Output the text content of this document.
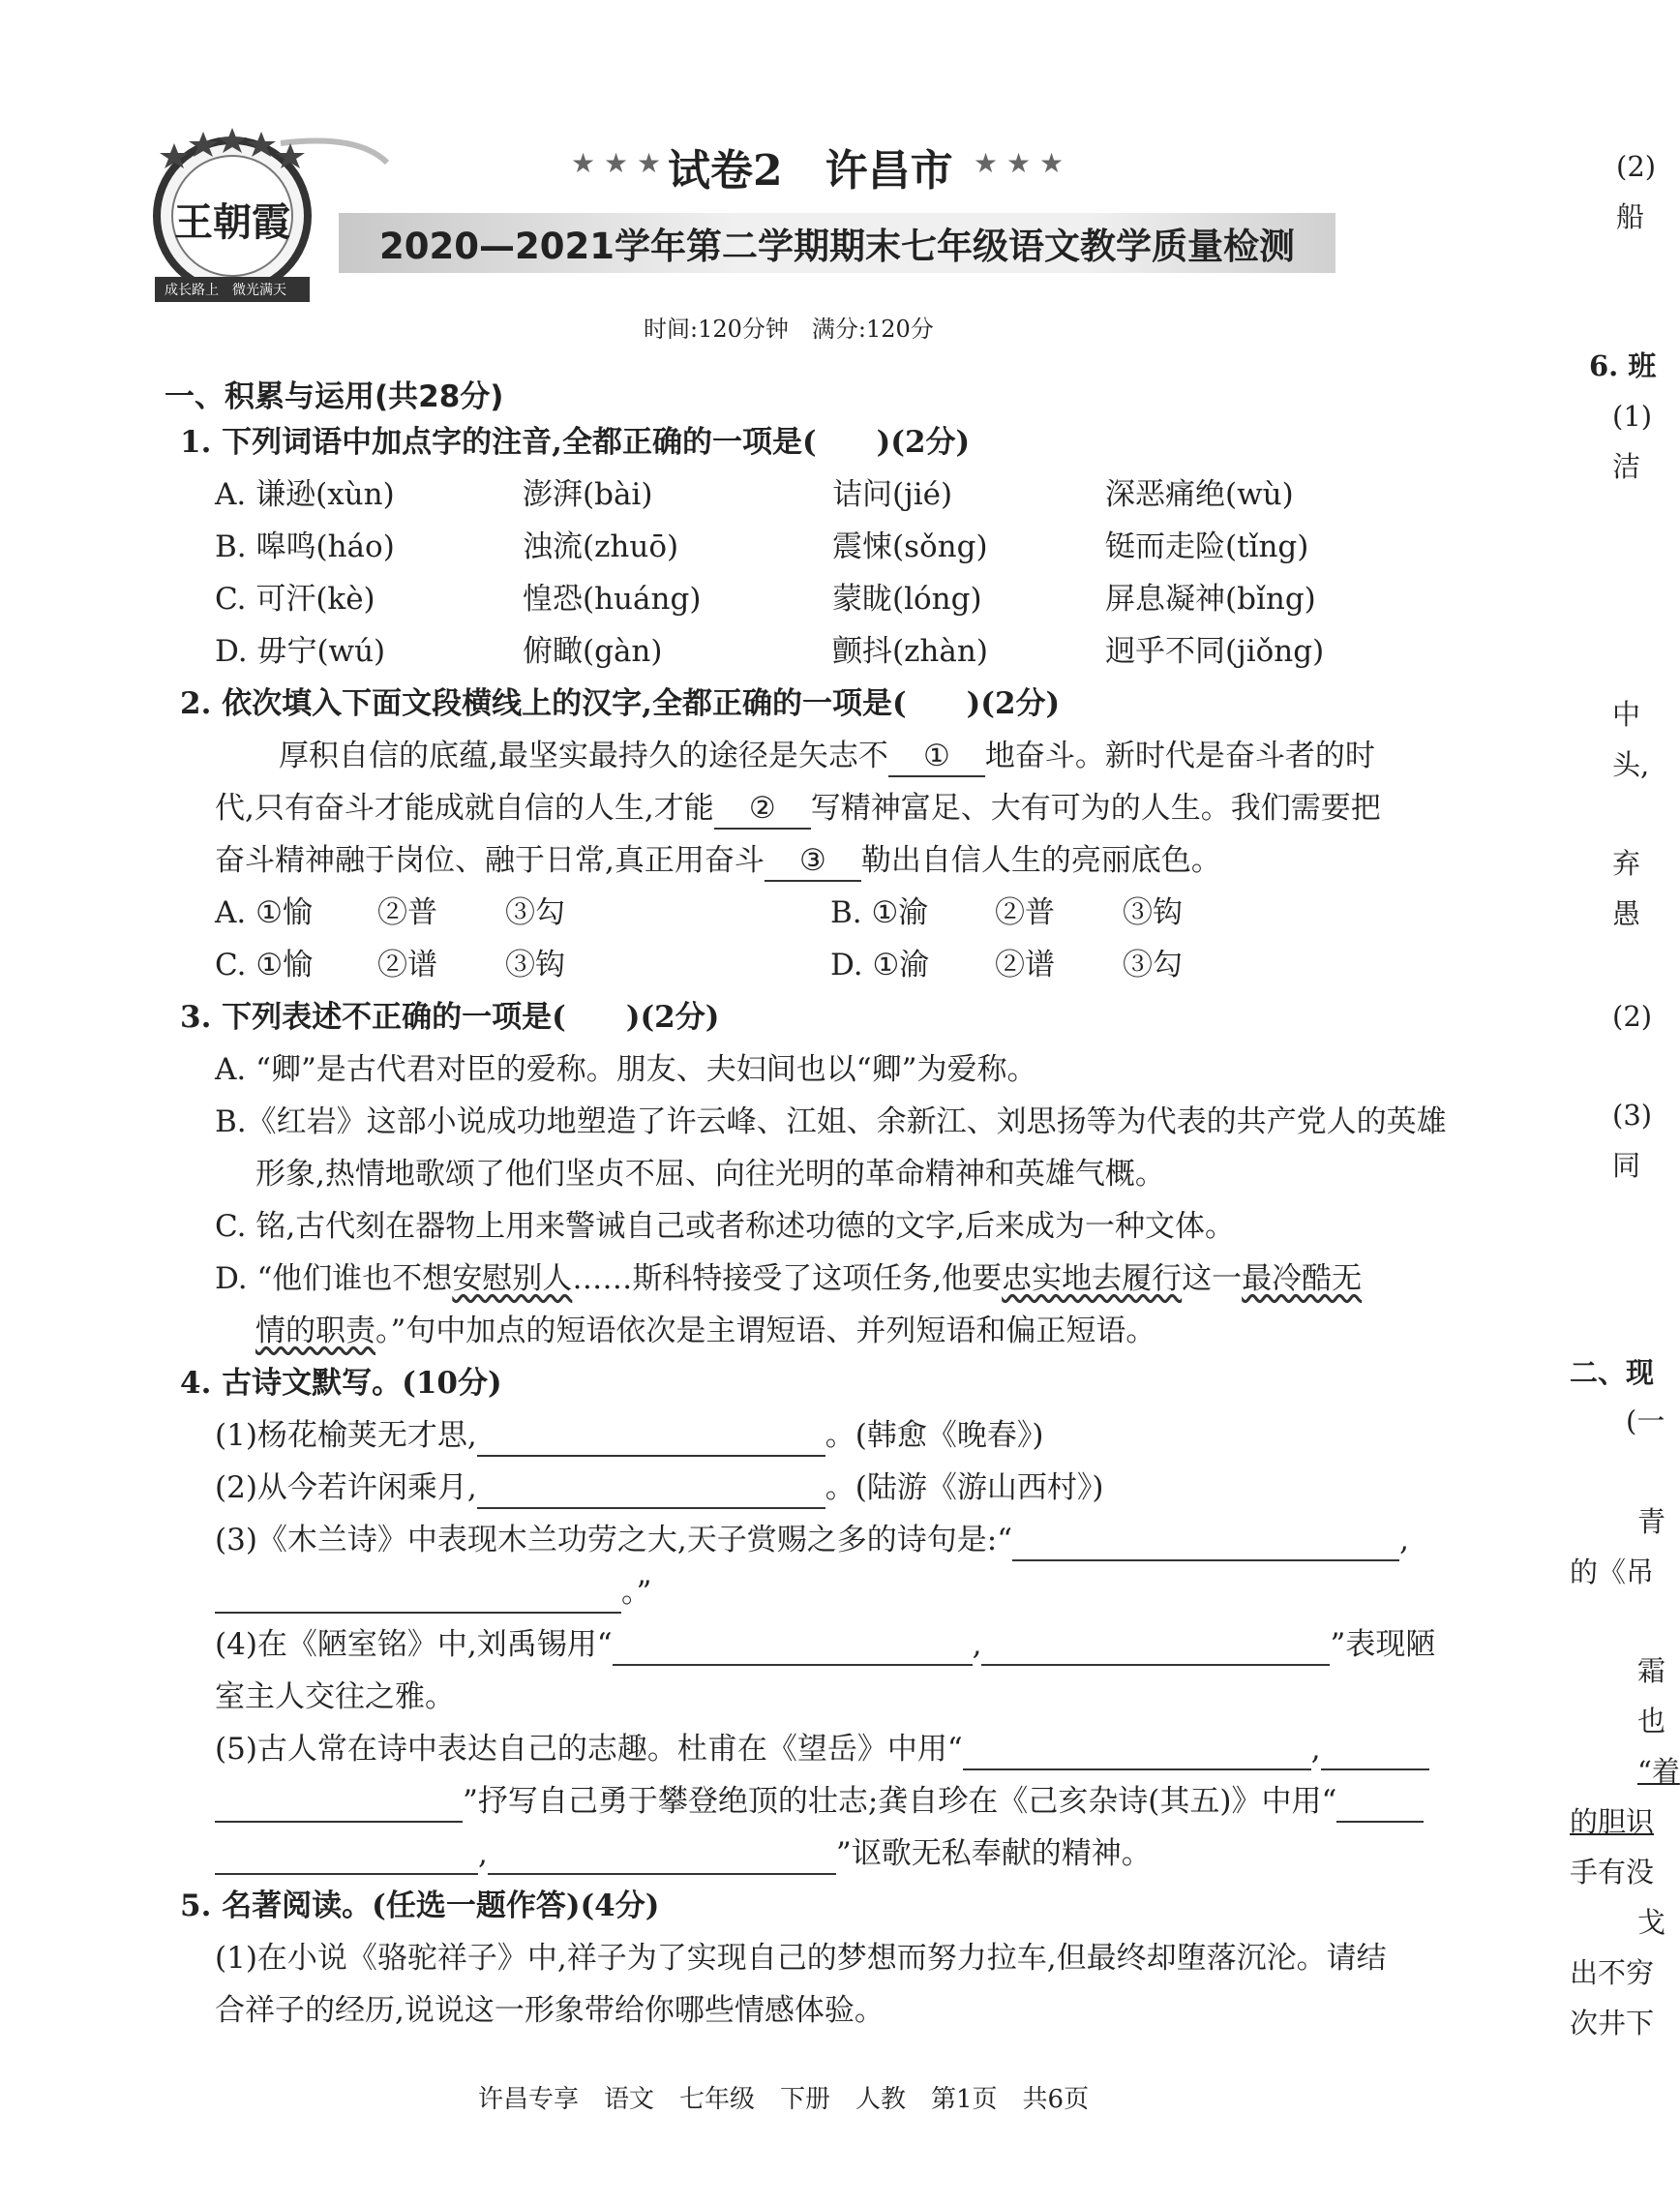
王朝霞
成长路上　微光满天
★ ★ ★ 试卷2　许昌市 ★ ★ ★
2020—2021学年第二学期期末七年级语文教学质量检测
时间:120分钟　满分:120分
一、积累与运用(共28分)
1. 下列词语中加点字的注音,全都正确的一项是(　　)(2分)
A. 谦逊(xùn)	澎湃(bài)	诘问(jié)	深恶痛绝(wù)
B. 嗥鸣(háo)	浊流(zhuō)	震悚(sǒng)	铤而走险(tǐng)
C. 可汗(kè)	惶恐(huáng)	蒙眬(lóng)	屏息凝神(bǐng)
D. 毋宁(wú)	俯瞰(gàn)	颤抖(zhàn)	迥乎不同(jiǒng)
2. 依次填入下面文段横线上的汉字,全都正确的一项是(　　)(2分)
厚积自信的底蕴,最坚实最持久的途径是矢志不 ① 地奋斗。新时代是奋斗者的时
代,只有奋斗才能成就自信的人生,才能 ② 写精神富足、大有可为的人生。我们需要把
奋斗精神融于岗位、融于日常,真正用奋斗 ③ 勒出自信人生的亮丽底色。
A. ①愉 ②普 ③勾	B. ①渝 ②普 ③钩
C. ①愉 ②谱 ③钩	D. ①渝 ②谱 ③勾
3. 下列表述不正确的一项是(　　)(2分)
A. “卿”是古代君对臣的爱称。朋友、夫妇间也以“卿”为爱称。
B.《红岩》这部小说成功地塑造了许云峰、江姐、余新江、刘思扬等为代表的共产党人的英雄
形象,热情地歌颂了他们坚贞不屈、向往光明的革命精神和英雄气概。
C. 铭,古代刻在器物上用来警诫自己或者称述功德的文字,后来成为一种文体。
D. “他们谁也不想安慰别人……斯科特接受了这项任务,他要忠实地去履行这一最冷酷无
情的职责。”句中加点的短语依次是主谓短语、并列短语和偏正短语。
4. 古诗文默写。(10分)
(1)杨花榆荚无才思,	。(韩愈《晚春》)
(2)从今若许闲乘月,	。(陆游《游山西村》)
(3)《木兰诗》中表现木兰功劳之大,天子赏赐之多的诗句是:“	,
。”
(4)在《陋室铭》中,刘禹锡用“	,	”表现陋
室主人交往之雅。
(5)古人常在诗中表达自己的志趣。杜甫在《望岳》中用“	,
”抒写自己勇于攀登绝顶的壮志;龚自珍在《己亥杂诗(其五)》中用“
,	”讴歌无私奉献的精神。
5. 名著阅读。(任选一题作答)(4分)
(1)在小说《骆驼祥子》中,祥子为了实现自己的梦想而努力拉车,但最终却堕落沉沦。请结
合祥子的经历,说说这一形象带给你哪些情感体验。
许昌专享　语文　七年级　下册　人教　第1页　共6页
(2)
船
6. 班
(1)
洁
中
头,
弃
愚
(2)
(3)
同
二、现
(一
青
的《吊
霜
也
“着
的胆识
手有没
戈
出不穷
次井下
